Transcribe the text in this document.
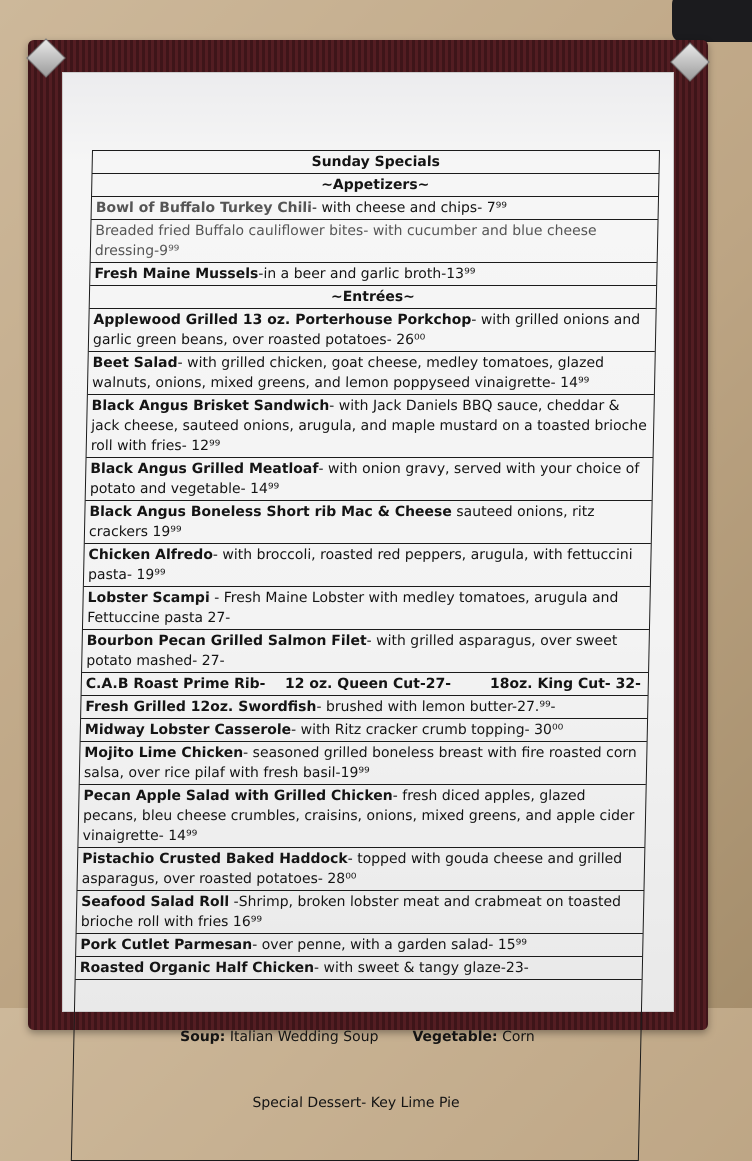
Sunday Specials
~Appetizers~
Bowl of Buffalo Turkey Chili- with cheese and chips- 7⁹⁹
Breaded fried Buffalo cauliflower bites- with cucumber and blue cheese dressing-9⁹⁹
Fresh Maine Mussels-in a beer and garlic broth-13⁹⁹
~Entrées~
Applewood Grilled 13 oz. Porterhouse Porkchop- with grilled onions and garlic green beans, over roasted potatoes- 26⁰⁰
Beet Salad- with grilled chicken, goat cheese, medley tomatoes, glazed walnuts, onions, mixed greens, and lemon poppyseed vinaigrette- 14⁹⁹
Black Angus Brisket Sandwich- with Jack Daniels BBQ sauce, cheddar & jack cheese, sauteed onions, arugula, and maple mustard on a toasted brioche roll with fries- 12⁹⁹
Black Angus Grilled Meatloaf- with onion gravy, served with your choice of potato and vegetable- 14⁹⁹
Black Angus Boneless Short rib Mac & Cheese sauteed onions, ritz crackers 19⁹⁹
Chicken Alfredo- with broccoli, roasted red peppers, arugula, with fettuccini pasta- 19⁹⁹
Lobster Scampi - Fresh Maine Lobster with medley tomatoes, arugula and Fettuccine pasta 27-
Bourbon Pecan Grilled Salmon Filet- with grilled asparagus, over sweet potato mashed- 27-
C.A.B Roast Prime Rib-    12 oz. Queen Cut-27-        18oz. King Cut- 32-
Fresh Grilled 12oz. Swordfish- brushed with lemon butter-27.⁹⁹-
Midway Lobster Casserole- with Ritz cracker crumb topping- 30⁰⁰
Mojito Lime Chicken- seasoned grilled boneless breast with fire roasted corn salsa, over rice pilaf with fresh basil-19⁹⁹
Pecan Apple Salad with Grilled Chicken- fresh diced apples, glazed pecans, bleu cheese crumbles, craisins, onions, mixed greens, and apple cider vinaigrette- 14⁹⁹
Pistachio Crusted Baked Haddock- topped with gouda cheese and grilled asparagus, over roasted potatoes- 28⁰⁰
Seafood Salad Roll -Shrimp, broken lobster meat and crabmeat on toasted brioche roll with fries 16⁹⁹
Pork Cutlet Parmesan- over penne, with a garden salad- 15⁹⁹
Roasted Organic Half Chicken- with sweet & tangy glaze-23-

Soup: Italian Wedding Soup Vegetable: Corn

Special Dessert- Key Lime Pie
